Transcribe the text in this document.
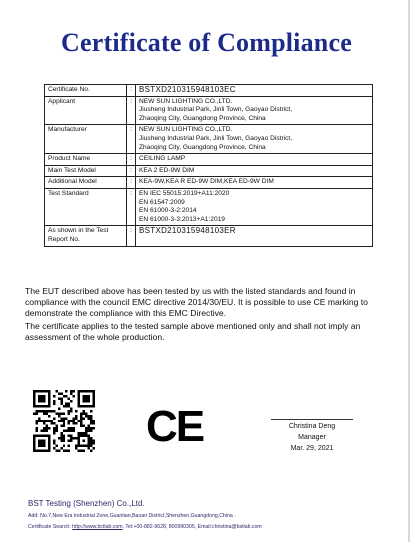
Certificate of Compliance
Certificate No.	:	BSTXD210315948103EC

Applicant	:	NEW SUN LIGHTING CO.,LTD.
Jiusheng Industrial Park, Jinli Town, Gaoyao District,
Zhaoqing City, Guangdong Province, China

Manufacturer	:	NEW SUN LIGHTING CO.,LTD.
Jiusheng Industrial Park, Jinli Town, Gaoyao District,
Zhaoqing City, Guangdong Province, China

Product Name	:	CEILING LAMP

Main Test Model	:	KEA 2 ED-9W DIM

Additional Model	:	KEA-9W,KEA R ED-9W DIM,KEA ED-9W DIM

Test Standard	:	EN IEC 55015:2019+A11:2020
EN 61547:2009
EN 61000-3-2:2014
EN 61000-3-3:2013+A1:2019

As shown in the Test Report No.	:	BSTXD210315948103ER
The EUT described above has been tested by us with the listed standards and found in compliance with the council EMC directive 2014/30/EU. It is possible to use CE marking to demonstrate the compliance with this EMC Directive.
The certificate applies to the tested sample above mentioned only and shall not imply an assessment of the whole production.
CE	Christina Deng
Manager
Mar. 29, 2021
BST Testing (Shenzhen) Co.,Ltd.
Add: No.7,New Era Industrial Zone,Guantian,Baoan District,Shenzhen,Guangdong,China .
Certificate Search: http://www.bctlab.com, Tel:+00-882-9628, 800990305, Email:christina@bstlab.com
